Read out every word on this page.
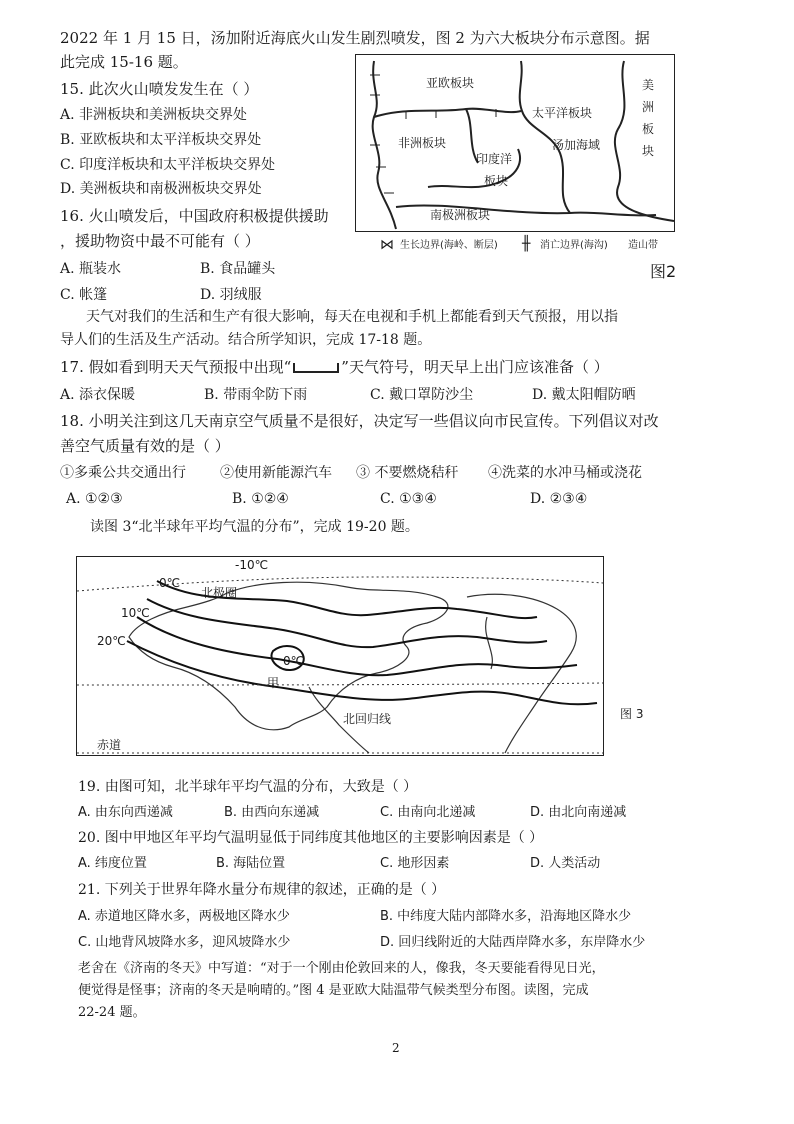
2022 年 1 月 15 日，汤加附近海底火山发生剧烈喷发，图 2 为六大板块分布示意图。据
此完成 15-16 题。
15. 此次火山喷发发生在（ ）
A. 非洲板块和美洲板块交界处
B. 亚欧板块和太平洋板块交界处
C. 印度洋板块和太平洋板块交界处
D. 美洲板块和南极洲板块交界处
16. 火山喷发后，中国政府积极提供援助
，援助物资中最不可能有（ ）
A. 瓶装水	B. 食品罐头
C. 帐篷	D. 羽绒服
亚欧板块
太平洋板块
非洲板块
印度洋
板块
汤加海域
美
洲
板
块
南极洲板块
⋈ 生长边界(海岭、断层) ╫ 消亡边界(海沟) 造山带
图2
天气对我们的生活和生产有很大影响，每天在电视和手机上都能看到天气预报，用以指
导人们的生活及生产活动。结合所学知识，完成 17-18 题。
17. 假如看到明天天气预报中出现“	”天气符号，明天早上出门应该准备（ ）
A. 添衣保暖	B. 带雨伞防下雨	C. 戴口罩防沙尘	D. 戴太阳帽防晒
18. 小明关注到这几天南京空气质量不是很好，决定写一些倡议向市民宣传。下列倡议对改
善空气质量有效的是（ ）
①多乘公共交通出行 ②使用新能源汽车 ③ 不要燃烧秸秆 ④洗菜的水冲马桶或浇花
A. ①②③	B. ①②④	C. ①③④	D. ②③④
读图 3“北半球年平均气温的分布”，完成 19-20 题。
-10℃
0℃
10℃
20℃
0℃
北极圈
甲
北回归线
赤道
图 3
19. 由图可知，北半球年平均气温的分布，大致是（ ）
A. 由东向西递减	B. 由西向东递减	C. 由南向北递减	D. 由北向南递减
20. 图中甲地区年平均气温明显低于同纬度其他地区的主要影响因素是（ ）
A. 纬度位置	B. 海陆位置	C. 地形因素	D. 人类活动
21. 下列关于世界年降水量分布规律的叙述，正确的是（ ）
A. 赤道地区降水多，两极地区降水少	B. 中纬度大陆内部降水多，沿海地区降水少
C. 山地背风坡降水多，迎风坡降水少	D. 回归线附近的大陆西岸降水多，东岸降水少
老舍在《济南的冬天》中写道：“对于一个刚由伦敦回来的人，像我，冬天要能看得见日光，
便觉得是怪事；济南的冬天是响晴的。”图 4 是亚欧大陆温带气候类型分布图。读图，完成
22-24 题。
2
